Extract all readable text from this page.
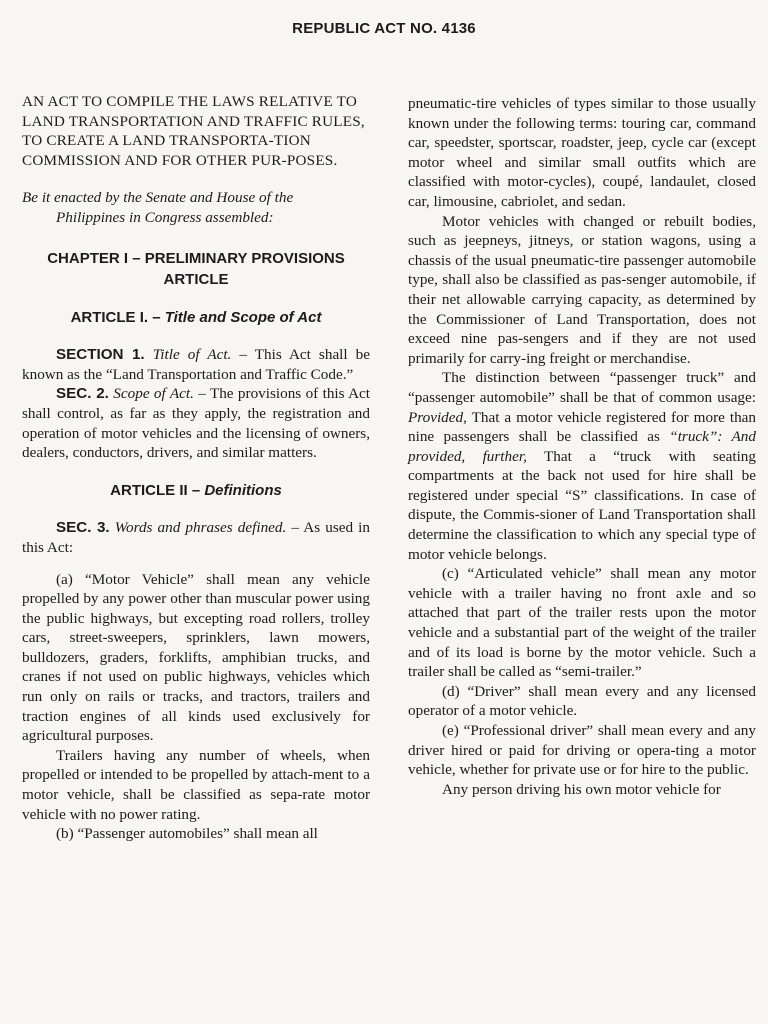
REPUBLIC ACT NO. 4136
AN ACT TO COMPILE THE LAWS RELATIVE TO LAND TRANSPORTATION AND TRAFFIC RULES, TO CREATE A LAND TRANSPORTA-TION COMMISSION AND FOR OTHER PUR-POSES.
Be it enacted by the Senate and House of the
Philippines in Congress assembled:
CHAPTER I – PRELIMINARY PROVISIONS
ARTICLE
ARTICLE I. – Title and Scope of Act

SECTION 1. Title of Act. – This Act shall be known as the “Land Transportation and Traffic Code.”

SEC. 2. Scope of Act. – The provisions of this Act shall control, as far as they apply, the registration and operation of motor vehicles and the licensing of owners, dealers, conductors, drivers, and similar matters.

ARTICLE II – Definitions

SEC. 3. Words and phrases defined. – As used in this Act:

(a) “Motor Vehicle” shall mean any vehicle propelled by any power other than muscular power using the public highways, but excepting road rollers, trolley cars, street-sweepers, sprinklers, lawn mowers, bulldozers, graders, forklifts, amphibian trucks, and cranes if not used on public highways, vehicles which run only on rails or tracks, and tractors, trailers and traction engines of all kinds used exclusively for agricultural purposes.

Trailers having any number of wheels, when propelled or intended to be propelled by attach-ment to a motor vehicle, shall be classified as sepa-rate motor vehicle with no power rating.

(b) “Passenger automobiles” shall mean all

pneumatic-tire vehicles of types similar to those usually known under the following terms: touring car, command car, speedster, sportscar, roadster, jeep, cycle car (except motor wheel and similar small outfits which are classified with motor-cycles), coupé, landaulet, closed car, limousine, cabriolet, and sedan.

Motor vehicles with changed or rebuilt bodies, such as jeepneys, jitneys, or station wagons, using a chassis of the usual pneumatic-tire passenger automobile type, shall also be classified as pas-senger automobile, if their net allowable carrying capacity, as determined by the Commissioner of Land Transportation, does not exceed nine pas-sengers and if they are not used primarily for carry-ing freight or merchandise.

The distinction between “passenger truck” and “passenger automobile” shall be that of common usage: Provided, That a motor vehicle registered for more than nine passengers shall be classified as “truck”: And provided, further, That a “truck with seating compartments at the back not used for hire shall be registered under special “S” classifications. In case of dispute, the Commis-sioner of Land Transportation shall determine the classification to which any special type of motor vehicle belongs.

(c) “Articulated vehicle” shall mean any motor vehicle with a trailer having no front axle and so attached that part of the trailer rests upon the motor vehicle and a substantial part of the weight of the trailer and of its load is borne by the motor vehicle. Such a trailer shall be called as “semi-trailer.”

(d) “Driver” shall mean every and any licensed operator of a motor vehicle.

(e) “Professional driver” shall mean every and any driver hired or paid for driving or opera-ting a motor vehicle, whether for private use or for hire to the public.

Any person driving his own motor vehicle for
